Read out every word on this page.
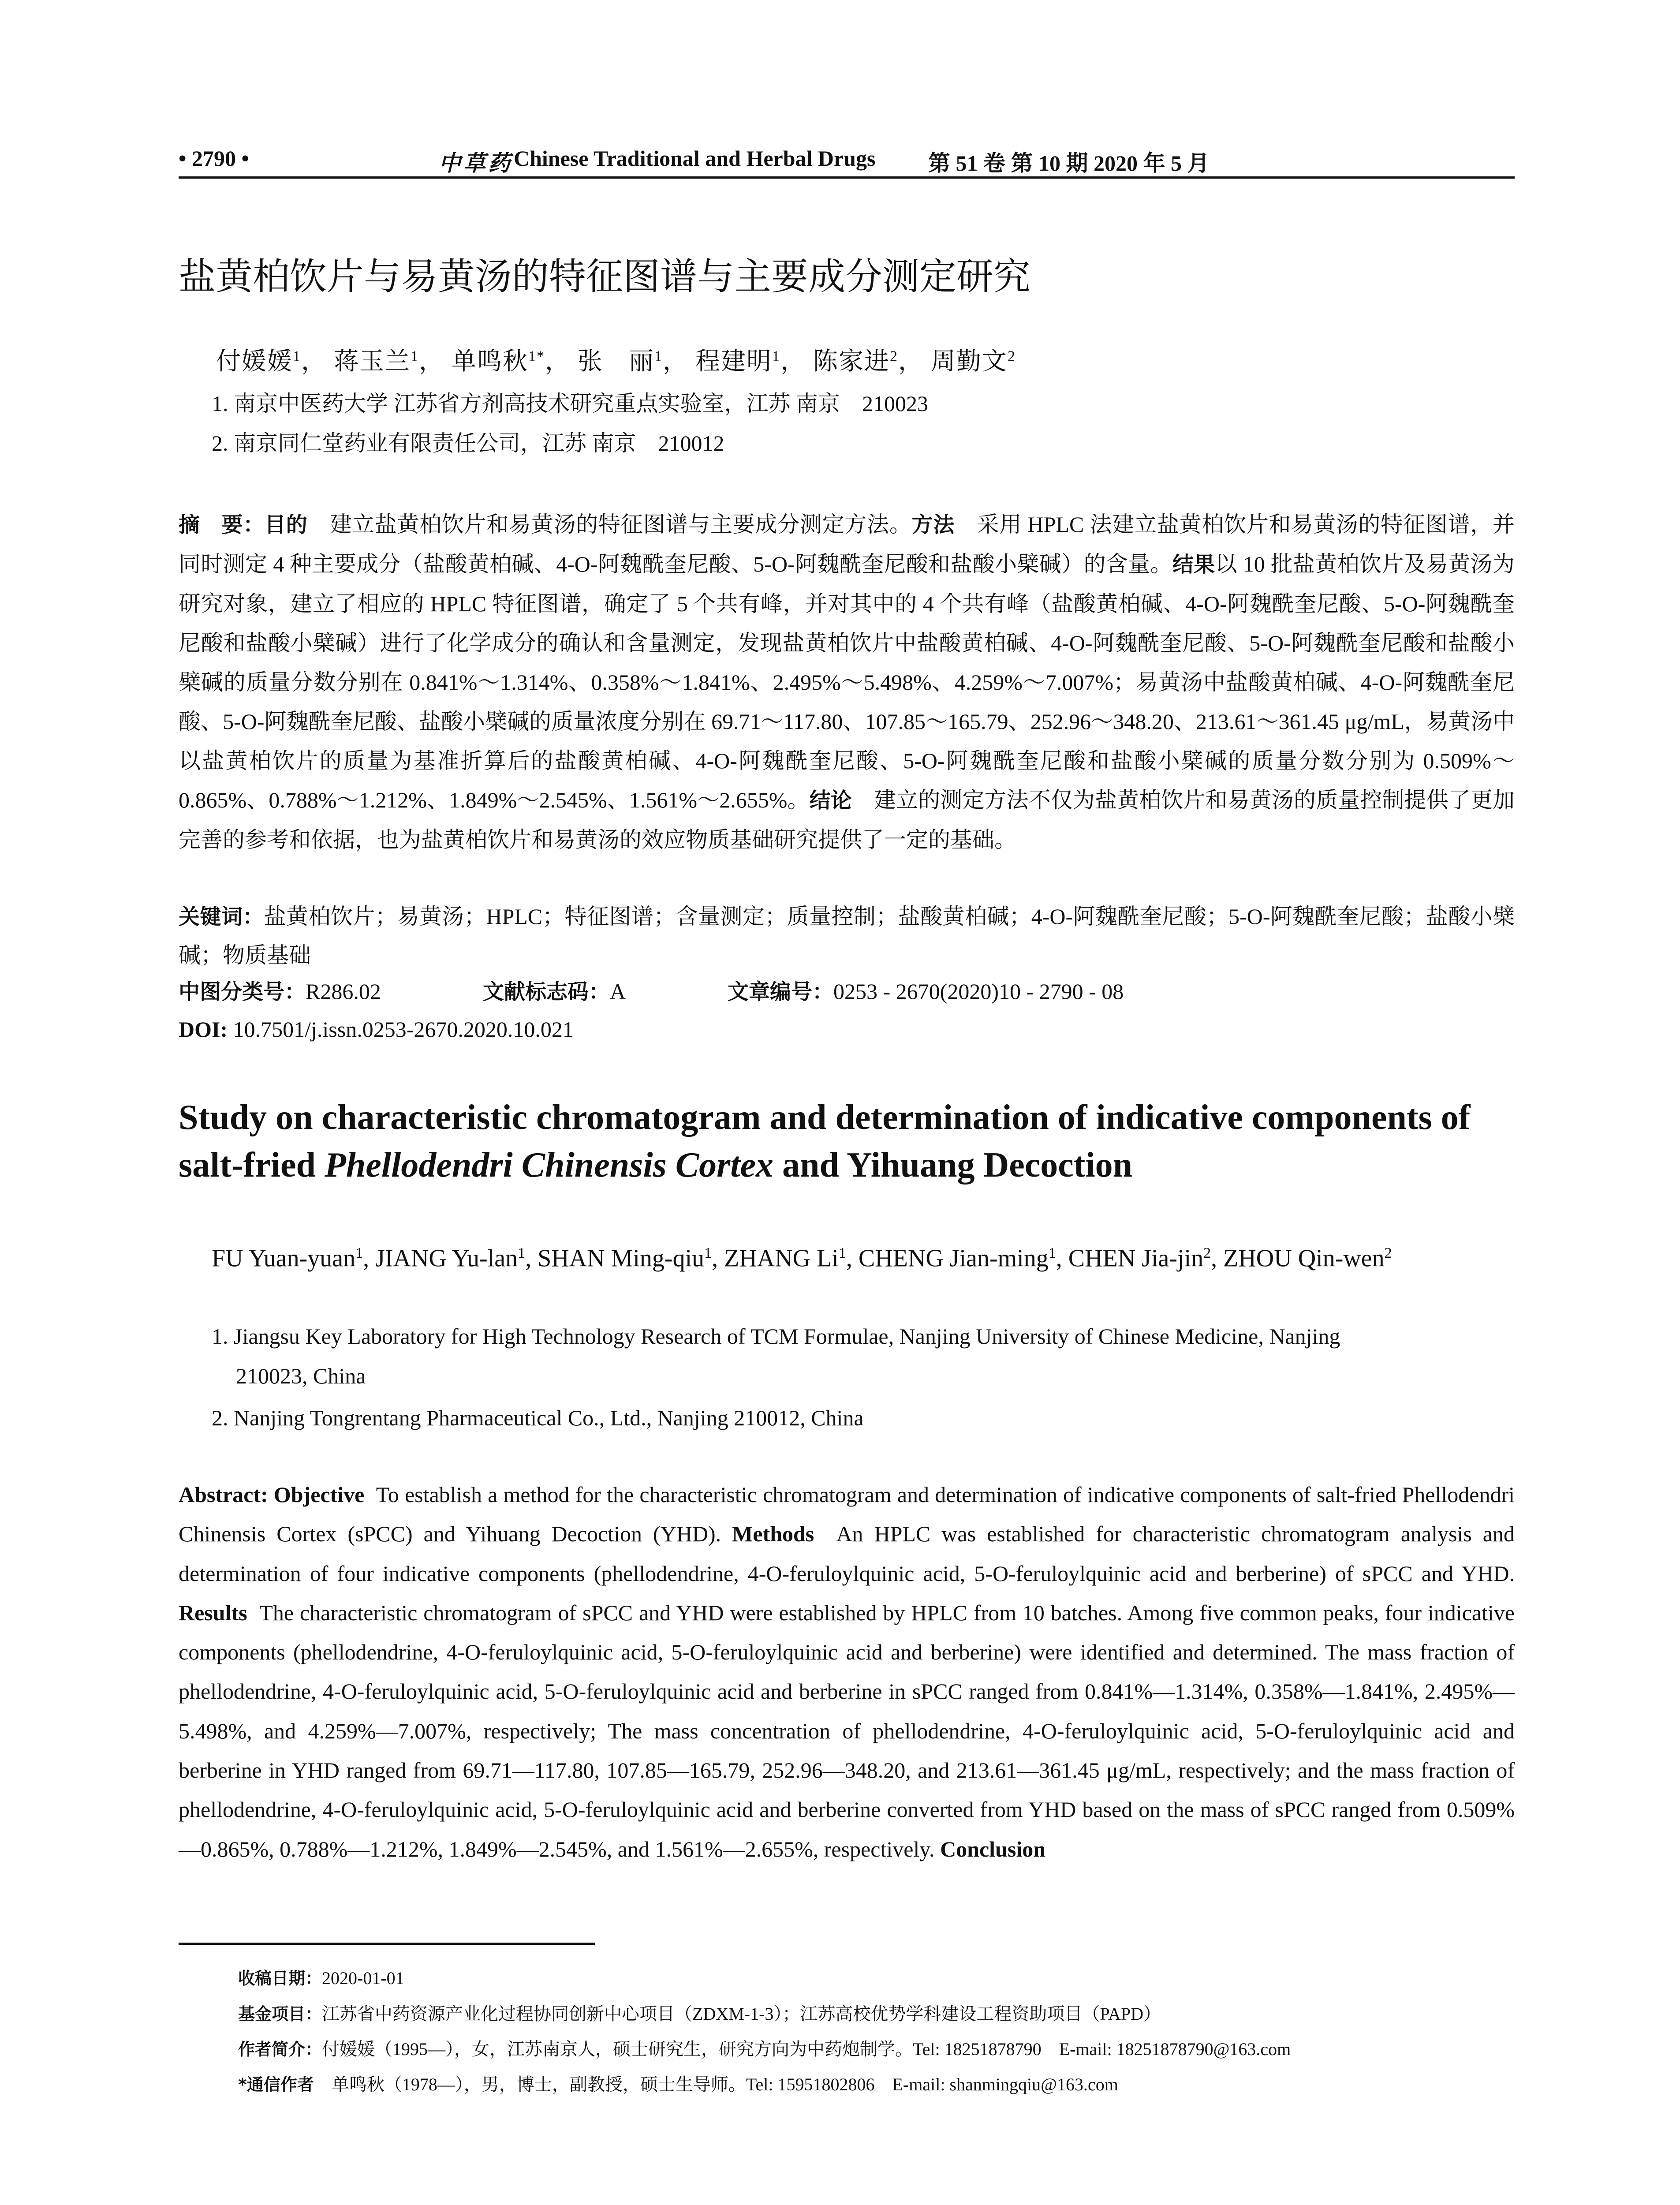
• 2790 •	中草药 Chinese Traditional and Herbal Drugs 第 51 卷 第 10 期 2020 年 5 月
盐黄柏饮片与易黄汤的特征图谱与主要成分测定研究
付媛媛$^1$， 蒋玉兰$^1$， 单鸣秋$^{1*}$， 张　丽$^1$， 程建明$^1$， 陈家进$^2$， 周勤文$^2$
1. 南京中医药大学 江苏省方剂高技术研究重点实验室，江苏 南京　210023
2. 南京同仁堂药业有限责任公司，江苏 南京　210012
摘　要：目的　 建立盐黄柏饮片和易黄汤的特征图谱与主要成分测定方法。方法　 采用 HPLC 法建立盐黄柏饮片和易黄汤的特征图谱，并同时测定 4 种主要成分（盐酸黄柏碱、4-O-阿魏酰奎尼酸、5-O-阿魏酰奎尼酸和盐酸小檗碱）的含量。结果以 10 批盐黄柏饮片及易黄汤为研究对象，建立了相应的 HPLC 特征图谱，确定了 5 个共有峰，并对其中的 4 个共有峰（盐酸黄柏碱、4-O-阿魏酰奎尼酸、5-O-阿魏酰奎尼酸和盐酸小檗碱）进行了化学成分的确认和含量测定，发现盐黄柏饮片中盐酸黄柏碱、4-O-阿魏酰奎尼酸、5-O-阿魏酰奎尼酸和盐酸小檗碱的质量分数分别在 0.841%～1.314%、0.358%～1.841%、2.495%～5.498%、4.259%～7.007%；易黄汤中盐酸黄柏碱、4-O-阿魏酰奎尼酸、5-O-阿魏酰奎尼酸、盐酸小檗碱的质量浓度分别在 69.71～117.80、107.85～165.79、252.96～348.20、213.61～361.45 μg/mL，易黄汤中以盐黄柏饮片的质量为基准折算后的盐酸黄柏碱、4-O-阿魏酰奎尼酸、5-O-阿魏酰奎尼酸和盐酸小檗碱的质量分数分别为 0.509%～0.865%、0.788%～1.212%、1.849%～2.545%、1.561%～2.655%。结论　 建立的测定方法不仅为盐黄柏饮片和易黄汤的质量控制提供了更加完善的参考和依据，也为盐黄柏饮片和易黄汤的效应物质基础研究提供了一定的基础。
关键词：盐黄柏饮片；易黄汤；HPLC；特征图谱；含量测定；质量控制；盐酸黄柏碱；4-O-阿魏酰奎尼酸；5-O-阿魏酰奎尼酸；盐酸小檗碱；物质基础
中图分类号：R286.02	文献标志码：A	文章编号：0253 - 2670(2020)10 - 2790 - 08
DOI: 10.7501/j.issn.0253-2670.2020.10.021
Study on characteristic chromatogram and determination of indicative components of salt-fried Phellodendri Chinensis Cortex and Yihuang Decoction
FU Yuan-yuan$^1$, JIANG Yu-lan$^1$, SHAN Ming-qiu$^1$, ZHANG Li$^1$, CHENG Jian-ming$^1$, CHEN Jia-jin$^2$, ZHOU Qin-wen$^2$
1. Jiangsu Key Laboratory for High Technology Research of TCM Formulae, Nanjing University of Chinese Medicine, Nanjing
210023, China
2. Nanjing Tongrentang Pharmaceutical Co., Ltd., Nanjing 210012, China
Abstract: Objective To establish a method for the characteristic chromatogram and determination of indicative components of salt-fried Phellodendri Chinensis Cortex (sPCC) and Yihuang Decoction (YHD). Methods An HPLC was established for characteristic chromatogram analysis and determination of four indicative components (phellodendrine, 4-O-feruloylquinic acid, 5-O-feruloylquinic acid and berberine) of sPCC and YHD. Results The characteristic chromatogram of sPCC and YHD were established by HPLC from 10 batches. Among five common peaks, four indicative components (phellodendrine, 4-O-feruloylquinic acid, 5-O-feruloylquinic acid and berberine) were identified and determined. The mass fraction of phellodendrine, 4-O-feruloylquinic acid, 5-O-feruloylquinic acid and berberine in sPCC ranged from 0.841%—1.314%, 0.358%—1.841%, 2.495%—5.498%, and 4.259%—7.007%, respectively; The mass concentration of phellodendrine, 4-O-feruloylquinic acid, 5-O-feruloylquinic acid and berberine in YHD ranged from 69.71—117.80, 107.85—165.79, 252.96—348.20, and 213.61—361.45 μg/mL, respectively; and the mass fraction of phellodendrine, 4-O-feruloylquinic acid, 5-O-feruloylquinic acid and berberine converted from YHD based on the mass of sPCC ranged from 0.509%—0.865%, 0.788%—1.212%, 1.849%—2.545%, and 1.561%—2.655%, respectively. Conclusion
收稿日期：2020-01-01
基金项目：江苏省中药资源产业化过程协同创新中心项目（ZDXM-1-3）；江苏高校优势学科建设工程资助项目（PAPD）
作者简介：付媛媛（1995—），女，江苏南京人，硕士研究生，研究方向为中药炮制学。Tel: 18251878790　E-mail: 18251878790@163.com
*通信作者　单鸣秋（1978—），男，博士，副教授，硕士生导师。Tel: 15951802806　E-mail: shanmingqiu@163.com
